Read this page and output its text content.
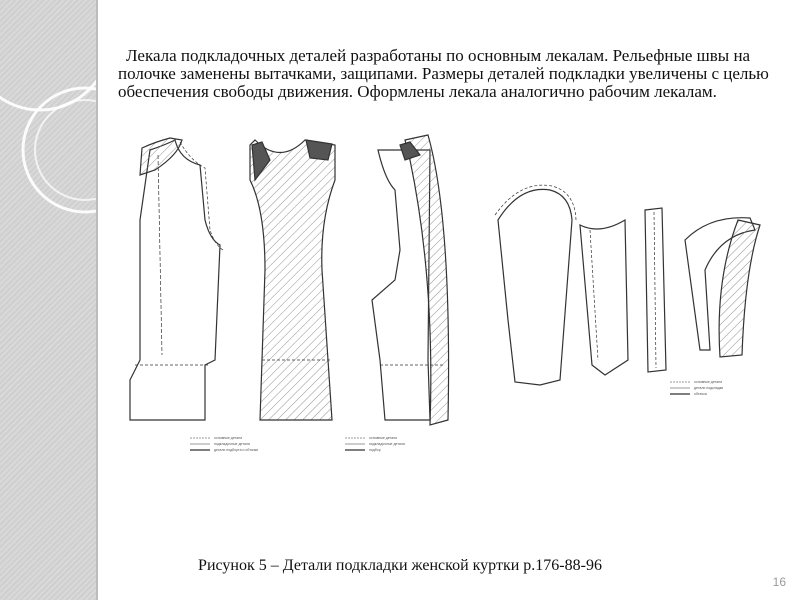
Лекала подкладочных деталей разработаны по основным лекалам. Рельефные швы на полочке заменены вытачками, защипами. Размеры деталей подкладки увеличены с целью обеспечения свободы движения. Оформлены лекала аналогично рабочим лекалам.

основные детали
подкладочные детали
детали подбортa и обтачки
основные детали
подкладочные детали
подбор
основные детали
детали подкладки
обтачка
Рисунок 5 – Детали подкладки женской куртки р.176-88-96
16
